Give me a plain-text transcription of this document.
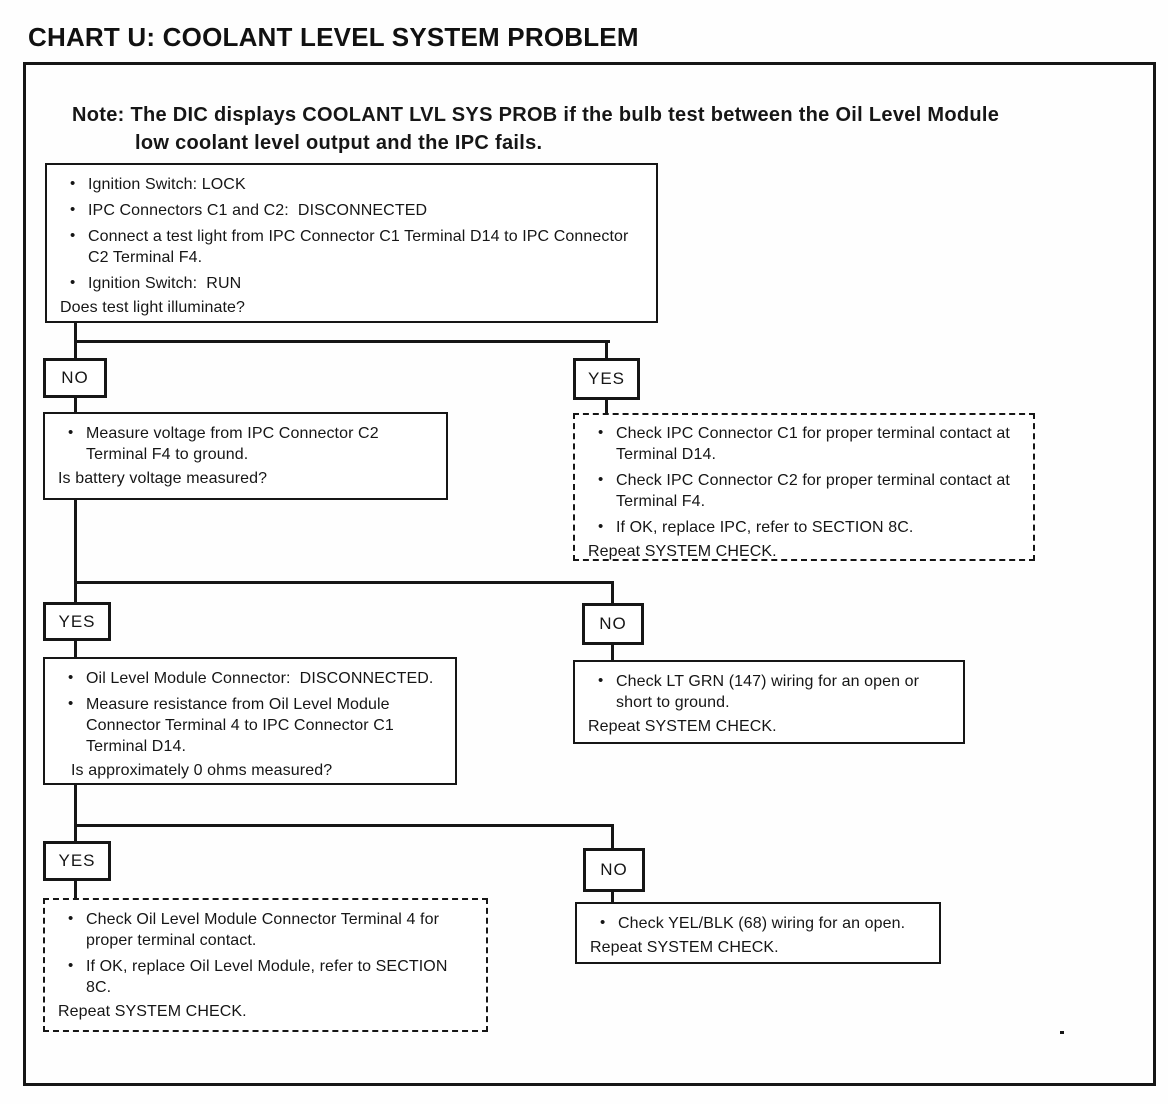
CHART U: COOLANT LEVEL SYSTEM PROBLEM
Note: The DIC displays COOLANT LVL SYS PROB if the bulb test between the Oil Level Module
low coolant level output and the IPC fails.
• Ignition Switch: LOCK
• IPC Connectors C1 and C2:  DISCONNECTED
• Connect a test light from IPC Connector C1 Terminal D14 to IPC Connector
C2 Terminal F4.
• Ignition Switch:  RUN
Does test light illuminate?
NO	YES
• Measure voltage from IPC Connector C2
Terminal F4 to ground.
Is battery voltage measured?
• Check IPC Connector C1 for proper terminal contact at
Terminal D14.
• Check IPC Connector C2 for proper terminal contact at
Terminal F4.
• If OK, replace IPC, refer to SECTION 8C.
Repeat SYSTEM CHECK.
YES	NO
• Oil Level Module Connector:  DISCONNECTED.
• Measure resistance from Oil Level Module
Connector Terminal 4 to IPC Connector C1
Terminal D14.
Is approximately 0 ohms measured?
• Check LT GRN (147) wiring for an open or
short to ground.
Repeat SYSTEM CHECK.
YES	NO
• Check Oil Level Module Connector Terminal 4 for
proper terminal contact.
• If OK, replace Oil Level Module, refer to SECTION
8C.
Repeat SYSTEM CHECK.
• Check YEL/BLK (68) wiring for an open.
Repeat SYSTEM CHECK.
